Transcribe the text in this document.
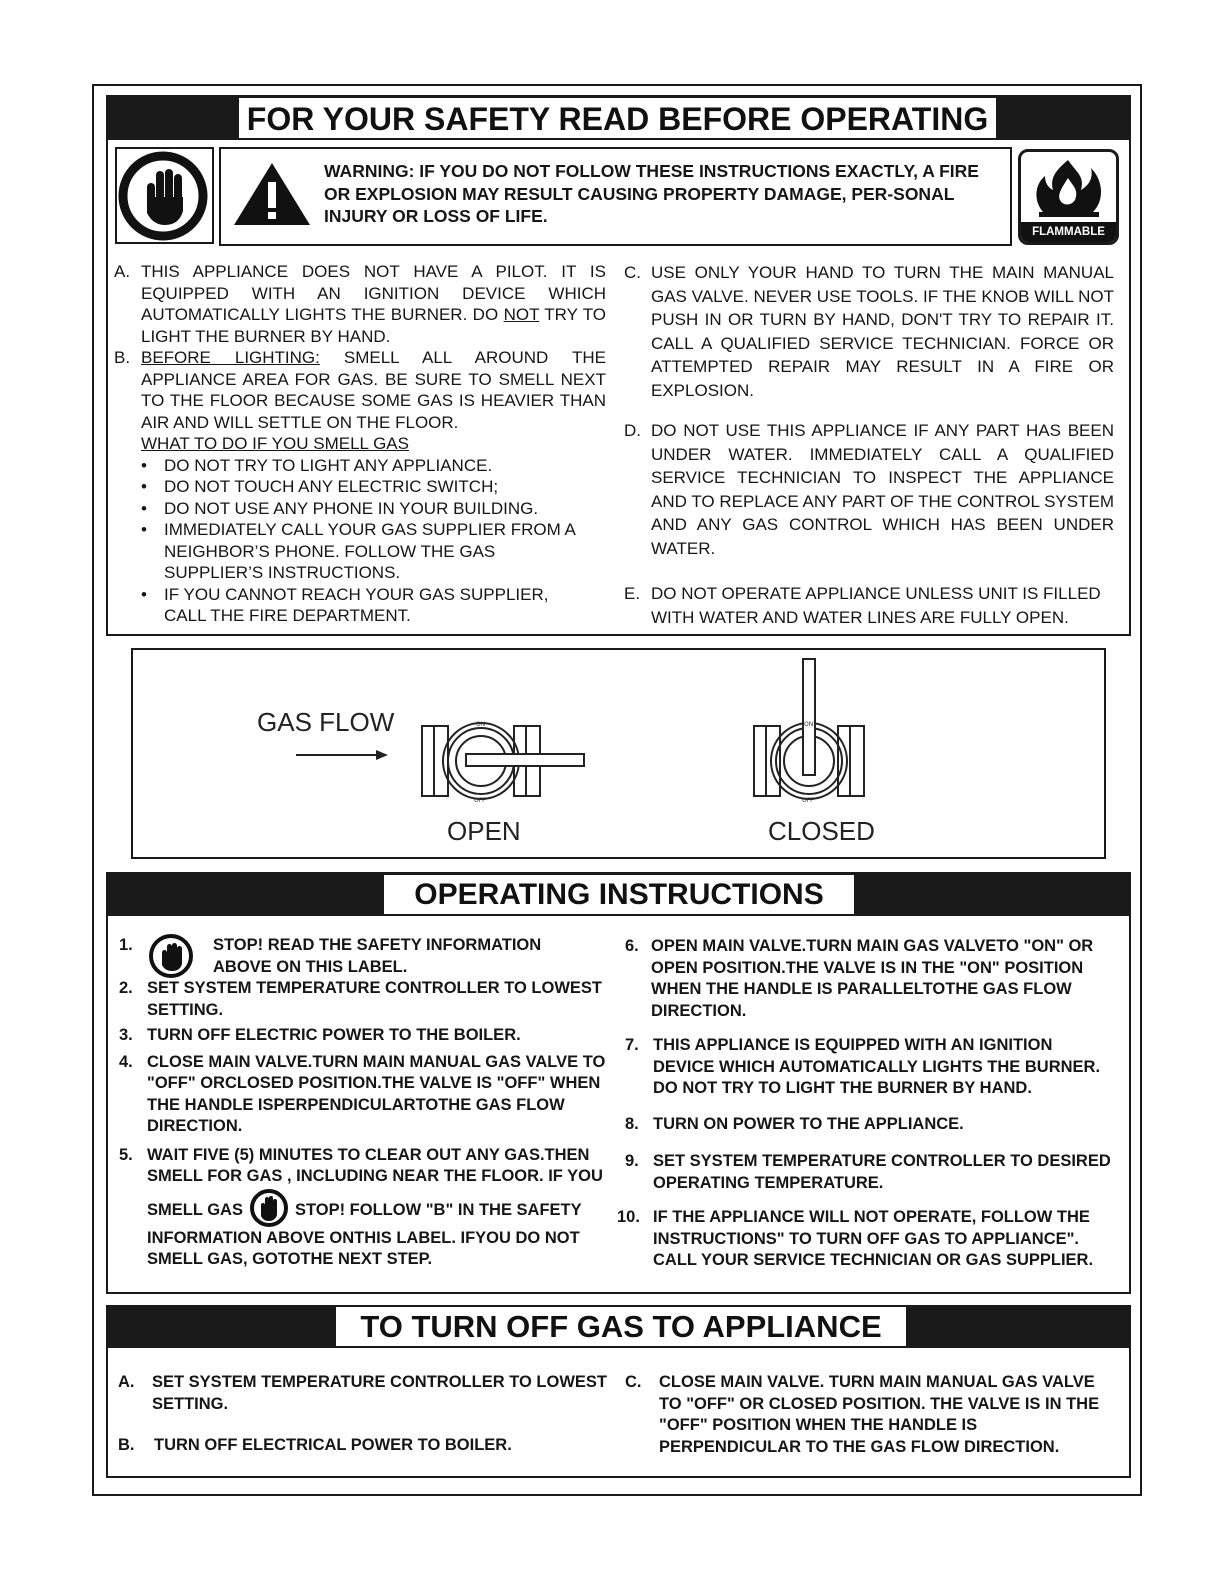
FOR YOUR SAFETY READ BEFORE OPERATING
WARNING: IF YOU DO NOT FOLLOW THESE INSTRUCTIONS EXACTLY, A FIRE OR EXPLOSION MAY RESULT CAUSING PROPERTY DAMAGE, PER-SONAL INJURY OR LOSS OF LIFE.
FLAMMABLE
A. THIS APPLIANCE DOES NOT HAVE A PILOT. IT IS EQUIPPED WITH AN IGNITION DEVICE WHICH AUTOMATICALLY LIGHTS THE BURNER. DO NOT TRY TO LIGHT THE BURNER BY HAND.
B. BEFORE LIGHTING: SMELL ALL AROUND THE APPLIANCE AREA FOR GAS. BE SURE TO SMELL NEXT TO THE FLOOR BECAUSE SOME GAS IS HEAVIER THAN AIR AND WILL SETTLE ON THE FLOOR.
WHAT TO DO IF YOU SMELL GAS
•	DO NOT TRY TO LIGHT ANY APPLIANCE.
•	DO NOT TOUCH ANY ELECTRIC SWITCH;
•	DO NOT USE ANY PHONE IN YOUR BUILDING.
•	IMMEDIATELY CALL YOUR GAS SUPPLIER FROM A NEIGHBOR’S PHONE. FOLLOW THE GAS SUPPLIER’S INSTRUCTIONS.
•	IF YOU CANNOT REACH YOUR GAS SUPPLIER, CALL THE FIRE DEPARTMENT.
C. USE ONLY YOUR HAND TO TURN THE MAIN MANUAL GAS VALVE. NEVER USE TOOLS. IF THE KNOB WILL NOT PUSH IN OR TURN BY HAND, DON'T TRY TO REPAIR IT. CALL A QUALIFIED SERVICE TECHNICIAN. FORCE OR ATTEMPTED REPAIR MAY RESULT IN A FIRE OR EXPLOSION.
D. DO NOT USE THIS APPLIANCE IF ANY PART HAS BEEN UNDER WATER. IMMEDIATELY CALL A QUALIFIED SERVICE TECHNICIAN TO INSPECT THE APPLIANCE AND TO REPLACE ANY PART OF THE CONTROL SYSTEM AND ANY GAS CONTROL WHICH HAS BEEN UNDER WATER.
E. DO NOT OPERATE APPLIANCE UNLESS UNIT IS FILLED WITH WATER AND WATER LINES ARE FULLY OPEN.
GAS FLOW	ON
OFF
OPEN
ON
OFF
CLOSED
OPERATING INSTRUCTIONS
1.	STOP! READ THE SAFETY INFORMATION ABOVE ON THIS LABEL.
2. SET SYSTEM TEMPERATURE CONTROLLER TO LOWEST SETTING.
3. TURN OFF ELECTRIC POWER TO THE BOILER.
4. CLOSE MAIN VALVE.TURN MAIN MANUAL GAS VALVE TO "OFF" ORCLOSED POSITION.THE VALVE IS "OFF" WHEN THE HANDLE ISPERPENDICULARTOTHE GAS FLOW DIRECTION.
5. WAIT FIVE (5) MINUTES TO CLEAR OUT ANY GAS.THEN SMELL FOR GAS , INCLUDING NEAR THE FLOOR. IF YOU SMELL GAS	STOP! FOLLOW "B" IN THE SAFETY INFORMATION ABOVE ONTHIS LABEL. IFYOU DO NOT SMELL GAS, GOTOTHE NEXT STEP.
6. OPEN MAIN VALVE.TURN MAIN GAS VALVETO "ON" OR OPEN POSITION.THE VALVE IS IN THE "ON" POSITION WHEN THE HANDLE IS PARALLELTOTHE GAS FLOW DIRECTION.
7. THIS APPLIANCE IS EQUIPPED WITH AN IGNITION DEVICE WHICH AUTOMATICALLY LIGHTS THE BURNER. DO NOT TRY TO LIGHT THE BURNER BY HAND.
8. TURN ON POWER TO THE APPLIANCE.
9. SET SYSTEM TEMPERATURE CONTROLLER TO DESIRED OPERATING TEMPERATURE.
10. IF THE APPLIANCE WILL NOT OPERATE, FOLLOW THE INSTRUCTIONS" TO TURN OFF GAS TO APPLIANCE". CALL YOUR SERVICE TECHNICIAN OR GAS SUPPLIER.
TO TURN OFF GAS TO APPLIANCE
A.	SET SYSTEM TEMPERATURE CONTROLLER TO LOWEST SETTING.
B.	TURN OFF ELECTRICAL POWER TO BOILER.
C.	CLOSE MAIN VALVE. TURN MAIN MANUAL GAS VALVE TO "OFF" OR CLOSED POSITION. THE VALVE IS IN THE "OFF" POSITION WHEN THE HANDLE IS PERPENDICULAR TO THE GAS FLOW DIRECTION.
